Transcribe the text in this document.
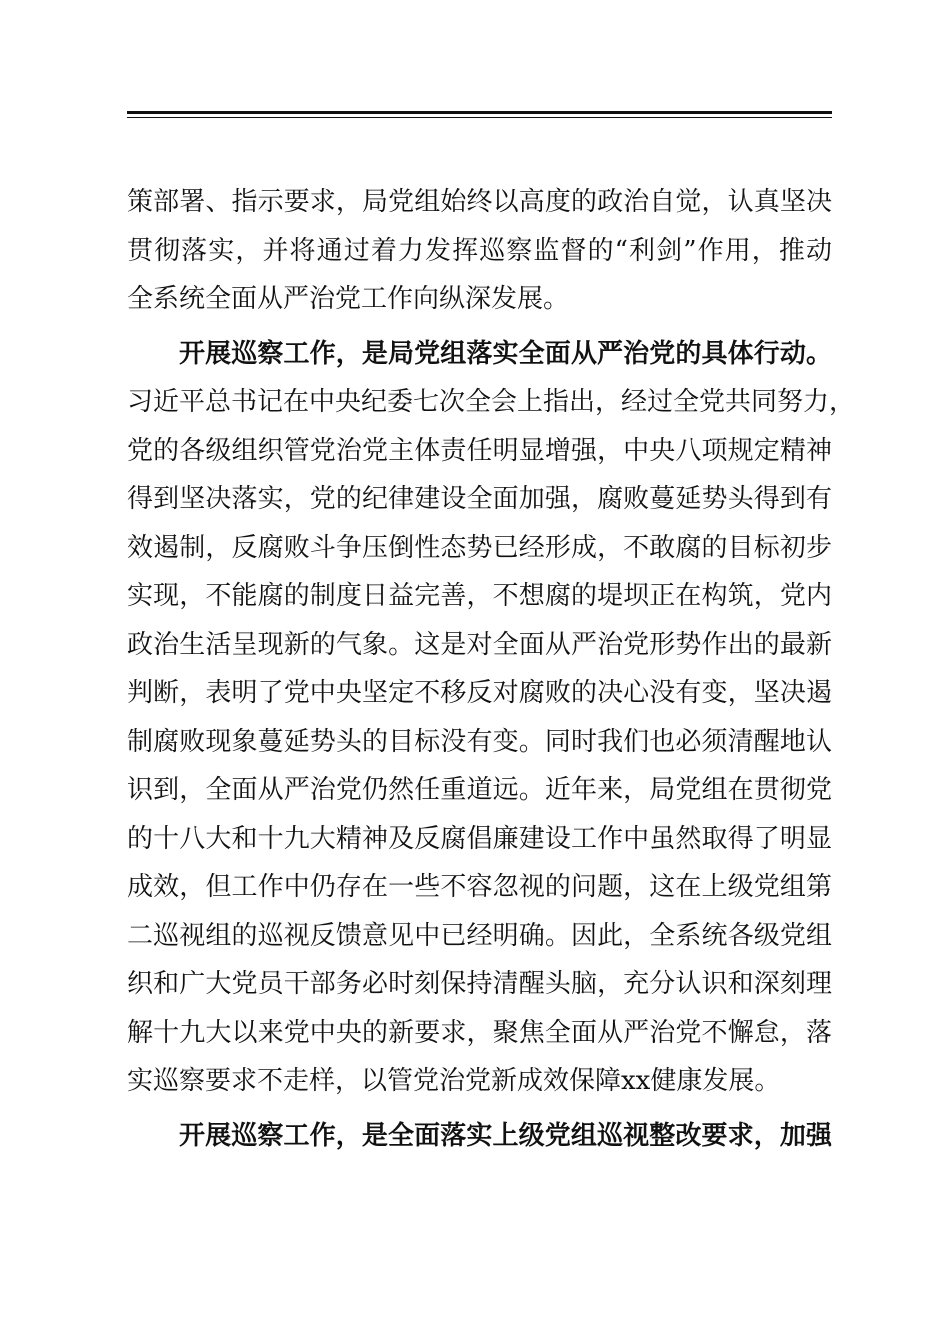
策部署、指示要求，局党组始终以高度的政治自觉，认真坚决
贯彻落实，并将通过着力发挥巡察监督的“利剑”作用，推动
全系统全面从严治党工作向纵深发展。
开展巡察工作，是局党组落实全面从严治党的具体行动。
习近平总书记在中央纪委七次全会上指出，经过全党共同努力，
党的各级组织管党治党主体责任明显增强，中央八项规定精神
得到坚决落实，党的纪律建设全面加强，腐败蔓延势头得到有
效遏制，反腐败斗争压倒性态势已经形成，不敢腐的目标初步
实现，不能腐的制度日益完善，不想腐的堤坝正在构筑，党内
政治生活呈现新的气象。这是对全面从严治党形势作出的最新
判断，表明了党中央坚定不移反对腐败的决心没有变，坚决遏
制腐败现象蔓延势头的目标没有变。同时我们也必须清醒地认
识到，全面从严治党仍然任重道远。近年来，局党组在贯彻党
的十八大和十九大精神及反腐倡廉建设工作中虽然取得了明显
成效，但工作中仍存在一些不容忽视的问题，这在上级党组第
二巡视组的巡视反馈意见中已经明确。因此，全系统各级党组
织和广大党员干部务必时刻保持清醒头脑，充分认识和深刻理
解十九大以来党中央的新要求，聚焦全面从严治党不懈怠，落
实巡察要求不走样，以管党治党新成效保障xx健康发展。
开展巡察工作，是全面落实上级党组巡视整改要求，加强
